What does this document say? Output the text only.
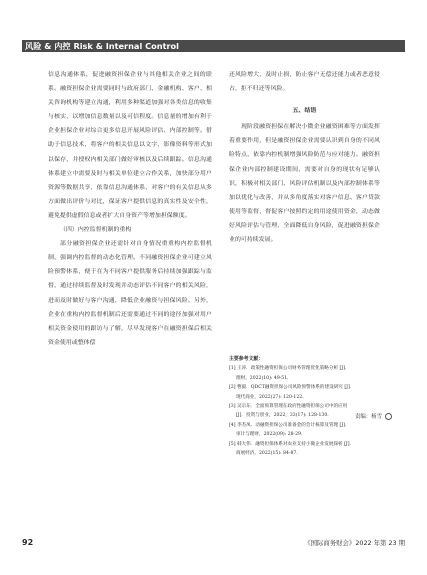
风险 & 内控 Risk & Internal Control

信息沟通体系，促进融资担保企业与其他相关企业之间的联系。融资担保企业需要同时与政府部门、金融机构、客户、相关咨询机构等建立沟通，利用多种渠道加强对各类信息的收集与核实，以增加信息数量以及可信程度。信息量的增加有利于企业担保企业对综合更多信息开展风险评估、内部控制等。借助于信息技术，将客户的相关信息以文字、影像资料等形式加以保存，并授权内相关部门做好审核以及后续跟踪。信息沟通体系建立中需要及时与相关单位建立合作关系，加快部分用户资源等数据共享，依靠信息沟通体系，对客户的有关信息从多方面做出评价与对比，保证客户提供信息的真实性及安全性，避免提供虚假信息或者扩大自身资产等增加担保额度。

（四）内控监督机制的重构

部分融资担保企业还需针对自身情况重重构内控监督机制，强调内控监督的动态化管理。不同融资担保企业可建立风险预警体系，便于在为不同客户提供服务后持续加强跟踪与监督，通过持续监督及时发现并动态评估不同客户的相关风险，进而及时做好与客户沟通，降低企业融资与担保风险。另外，企业在重构内控监督机制后还需要通过不同的途径加强对用户相关资金使用的跟访与了解，尽早发现客户在融资担保后相关资金使用或整体偿

还风险增大，及时止损，防止客户无偿还能力或者恶意侵占，拒不归还等风险。

五、结语

现阶段融资担保在解决小微企业融资困难等方面发挥着重要作用，但是融资担保企业需要认识到自身的不同风险特点，依靠内控机制增强风险防范与应对能力。融资担保企业内部控制建设期间，需要对自身的现状有足够认识，积极对相关部门、风险评估机制以及内部控制体系等加以优化与改善，并从多角度落实对客户信息、客户贷款使用等监督，督促客户按照约定的用途使用资金，动态做好风险评估与管理，全面降低自身风险，促进融资担保企业的可持续发展。

主要参考文献：
[1] 王涛．政策性融资担保公司财务管理优化策略分析 [J]．
理财，2022(10): 49-51.
[2] 曹毅．QDCT融资担保公司风险预警体系的建设研究 [J]．
现代商业，2022(27): 120-122.
[3] 吴宗东．全面预算管理在政府性融资担保公司中的应用
[J]．投资与创业，2022，33(17): 128-130.
[4] 李杰凤．动融资担保公司准备金的会计核算及管理 [J]．
审计与理财，2022(09): 28-29.
[5] 韩大伟．融资担保体系对农业支持小微企业发展探析 [J]．
商展经济，2022(15): 84-87.
责编：杨雪
92	《国际商务财会》2022 年第 23 期
